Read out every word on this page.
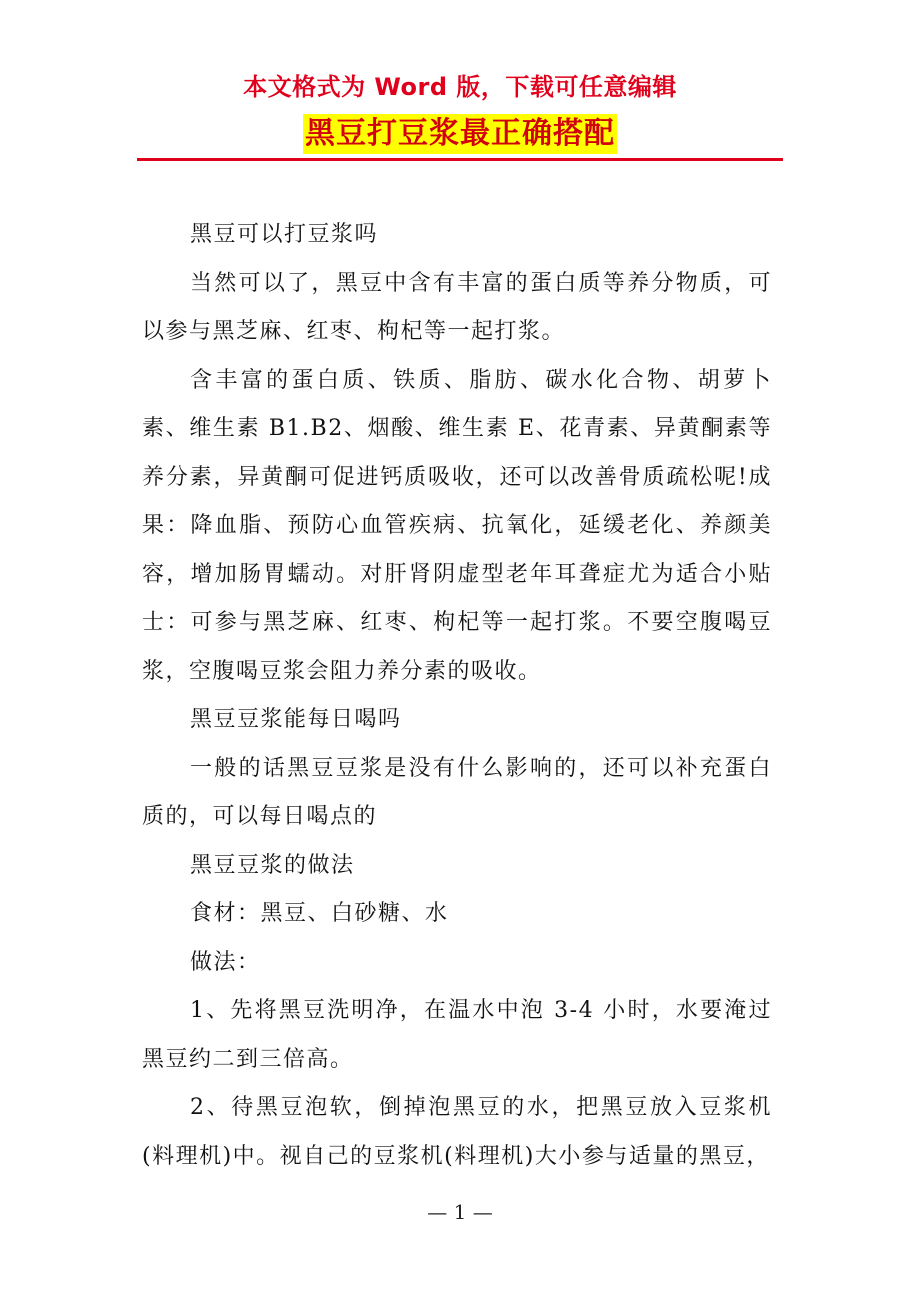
本文格式为 Word 版，下载可任意编辑
黑豆打豆浆最正确搭配

黑豆可以打豆浆吗

当然可以了，黑豆中含有丰富的蛋白质等养分物质，可以参与黑芝麻、红枣、枸杞等一起打浆。

含丰富的蛋白质、铁质、脂肪、碳水化合物、胡萝卜素、维生素 B1.B2、烟酸、维生素 E、花青素、异黄酮素等养分素，异黄酮可促进钙质吸收，还可以改善骨质疏松呢!成果：降血脂、预防心血管疾病、抗氧化，延缓老化、养颜美容，增加肠胃蠕动。对肝肾阴虚型老年耳聋症尤为适合小贴士：可参与黑芝麻、红枣、枸杞等一起打浆。不要空腹喝豆浆，空腹喝豆浆会阻力养分素的吸收。

黑豆豆浆能每日喝吗

一般的话黑豆豆浆是没有什么影响的，还可以补充蛋白质的，可以每日喝点的

黑豆豆浆的做法

食材：黑豆、白砂糖、水

做法：

1、先将黑豆洗明净，在温水中泡 3-4 小时，水要淹过黑豆约二到三倍高。

2、待黑豆泡软，倒掉泡黑豆的水，把黑豆放入豆浆机(料理机)中。视自己的豆浆机(料理机)大小参与适量的黑豆，

— 1 —
